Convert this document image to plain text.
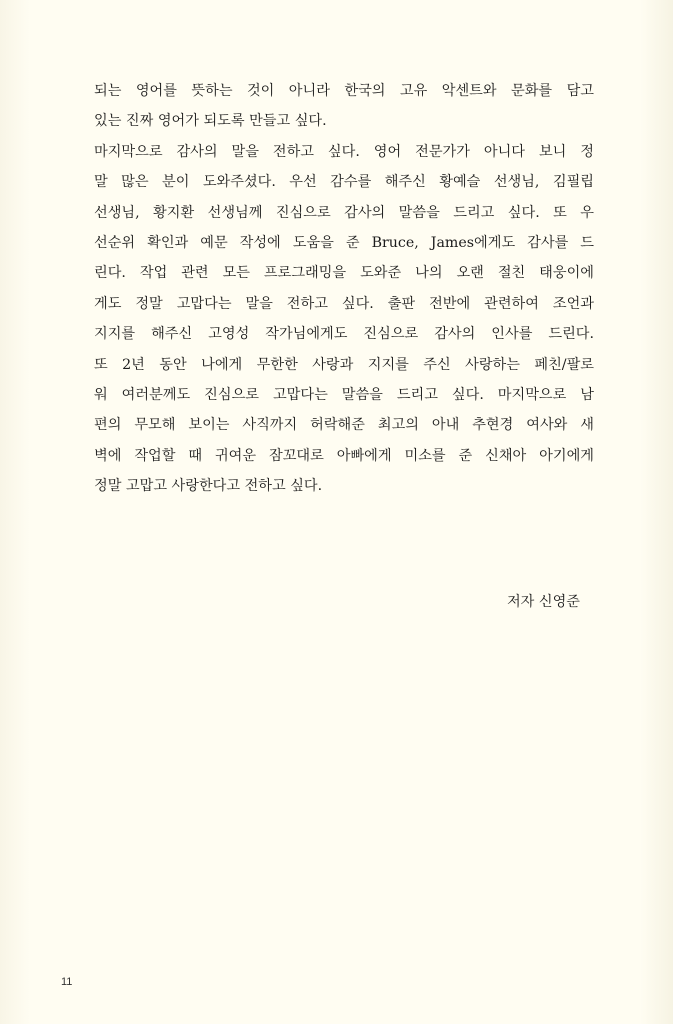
되는 영어를 뜻하는 것이 아니라 한국의 고유 악센트와 문화를 담고
있는 진짜 영어가 되도록 만들고 싶다.
마지막으로 감사의 말을 전하고 싶다. 영어 전문가가 아니다 보니 정
말 많은 분이 도와주셨다. 우선 감수를 해주신 황예슬 선생님, 김필립
선생님, 황지환 선생님께 진심으로 감사의 말씀을 드리고 싶다. 또 우
선순위 확인과 예문 작성에 도움을 준 Bruce, James에게도 감사를 드
린다. 작업 관련 모든 프로그래밍을 도와준 나의 오랜 절친 태웅이에
게도 정말 고맙다는 말을 전하고 싶다. 출판 전반에 관련하여 조언과
지지를 해주신 고영성 작가님에게도 진심으로 감사의 인사를 드린다.
또 2년 동안 나에게 무한한 사랑과 지지를 주신 사랑하는 페친/팔로
워 여러분께도 진심으로 고맙다는 말씀을 드리고 싶다. 마지막으로 남
편의 무모해 보이는 사직까지 허락해준 최고의 아내 추현경 여사와 새
벽에 작업할 때 귀여운 잠꼬대로 아빠에게 미소를 준 신채아 아기에게
정말 고맙고 사랑한다고 전하고 싶다.
저자 신영준
11
